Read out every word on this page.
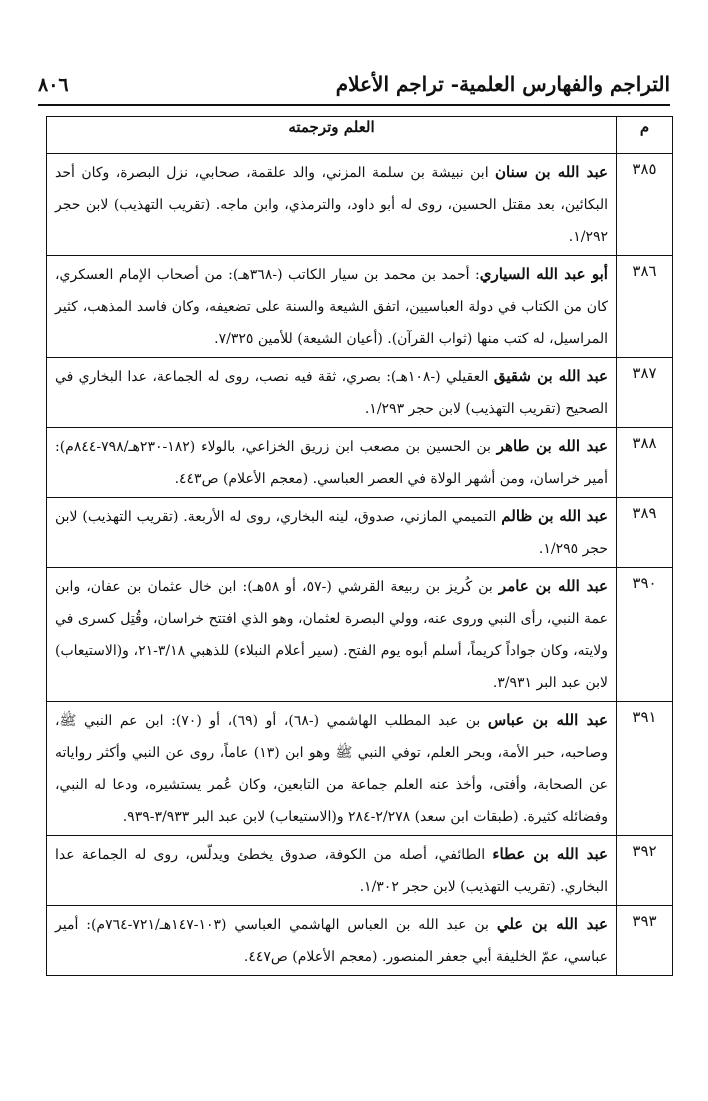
٨٠٦	التراجم والفهارس العلمية- تراجم الأعلام
م	العلم وترجمته
٣٨٥	عبد الله بن سنان ابن نبيشة بن سلمة المزني، والد علقمة، صحابي، نزل البصرة، وكان أحد البكائين، بعد مقتل الحسين، روى له أبو داود، والترمذي، وابن ماجه. (تقريب التهذيب) لابن حجر ١/٢٩٢.
٣٨٦	أبو عبد الله السياري: أحمد بن محمد بن سيار الكاتب (-٣٦٨هـ): من أصحاب الإمام العسكري، كان من الكتاب في دولة العباسيين، اتفق الشيعة والسنة على تضعيفه، وكان فاسد المذهب، كثير المراسيل، له كتب منها (ثواب القرآن). (أعيان الشيعة) للأمين ٧/٣٢٥.
٣٨٧	عبد الله بن شقيق العقيلي (-١٠٨هـ): بصري، ثقة فيه نصب، روى له الجماعة، عدا البخاري في الصحيح (تقريب التهذيب) لابن حجر ١/٢٩٣.
٣٨٨	عبد الله بن طاهر بن الحسين بن مصعب ابن زريق الخزاعي، بالولاء (١٨٢-٢٣٠هـ/٧٩٨-٨٤٤م): أمير خراسان، ومن أشهر الولاة في العصر العباسي. (معجم الأعلام) ص٤٤٣.
٣٨٩	عبد الله بن ظالم التميمي المازني، صدوق، لينه البخاري، روى له الأربعة. (تقريب التهذيب) لابن حجر ١/٢٩٥.
٣٩٠	عبد الله بن عامر بن كُريز بن ربيعة القرشي (-٥٧، أو ٥٨هـ): ابن خال عثمان بن عفان، وابن عمة النبي، رأى النبي وروى عنه، وولي البصرة لعثمان، وهو الذي افتتح خراسان، وقُتِل كسرى في ولايته، وكان جواداً كريماً، أسلم أبوه يوم الفتح. (سير أعلام النبلاء) للذهبي ٣/١٨-٢١، و(الاستيعاب) لابن عبد البر ٣/٩٣١.
٣٩١	عبد الله بن عباس بن عبد المطلب الهاشمي (-٦٨)، أو (٦٩)، أو (٧٠): ابن عم النبي ﷺ، وصاحبه، حبر الأمة، وبحر العلم، توفي النبي ﷺ وهو ابن (١٣) عاماً، روى عن النبي وأكثر رواياته عن الصحابة، وأفتى، وأخذ عنه العلم جماعة من التابعين، وكان عُمر يستشيره، ودعا له النبي، وفضائله كثيرة. (طبقات ابن سعد) ٢/٢٧٨-٢٨٤ و(الاستيعاب) لابن عبد البر ٣/٩٣٣-٩٣٩.
٣٩٢	عبد الله بن عطاء الطائفي، أصله من الكوفة، صدوق يخطئ ويدلّس، روى له الجماعة عدا البخاري. (تقريب التهذيب) لابن حجر ١/٣٠٢.
٣٩٣	عبد الله بن علي بن عبد الله بن العباس الهاشمي العباسي (١٠٣-١٤٧هـ/٧٢١-٧٦٤م): أمير عباسي، عمّ الخليفة أبي جعفر المنصور. (معجم الأعلام) ص٤٤٧.
